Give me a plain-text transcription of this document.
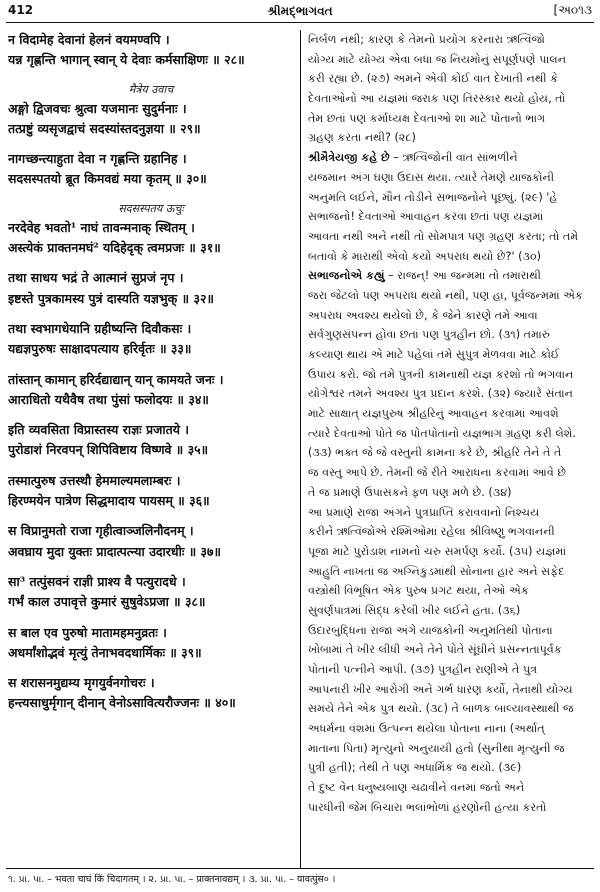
412	શ્રીમદ્ભાગવત	[અ૦૧૩
न विदामेह देवानां हेलनं वयमण्वपि ।
यन्न गृह्णन्ति भागान् स्वान् ये देवाः कर्मसाक्षिणः ॥ २८॥
मैत्रेय उवाच
अङ्गो द्विजवचः श्रुत्वा यजमानः सुदुर्मनाः ।
तत्प्रष्टुं व्यसृजद्वाचं सदस्यांस्तदनुज्ञया ॥ २९॥
नागच्छन्त्याहुता देवा न गृह्णन्ति ग्रहानिह ।
सदसस्पतयो ब्रूत किमवद्यं मया कृतम् ॥ ३०॥
सदसस्पतय ऊचुः
नरदेवेह भवतो¹ नाघं तावन्मनाक् स्थितम् ।
अस्त्येकं प्राक्तनमघं² यदिहेदृक् त्वमप्रजः ॥ ३१॥
तथा साधय भद्रं ते आत्मानं सुप्रजं नृप ।
इष्टस्ते पुत्रकामस्य पुत्रं दास्यति यज्ञभुक् ॥ ३२॥
तथा स्वभागधेयानि ग्रहीष्यन्ति दिवौकसः ।
यद्यज्ञपुरुषः साक्षादपत्याय हरिर्वृतः ॥ ३३॥
तांस्तान् कामान् हरिर्दद्याद्यान् यान् कामयते जनः ।
आराधितो यथैवैष तथा पुंसां फलोदयः ॥ ३४॥
इति व्यवसिता विप्रास्तस्य राज्ञः प्रजातये ।
पुरोडाशं निरवपन् शिपिविष्टाय विष्णवे ॥ ३५॥
तस्मात्पुरुष उत्तस्थौ हेममाल्यमलाम्बरः ।
हिरण्मयेन पात्रेण सिद्धमादाय पायसम् ॥ ३६॥
स विप्रानुमतो राजा गृहीत्वाञ्जलिनौदनम् ।
अवघ्राय मुदा युक्तः प्रादात्पत्न्या उदारधीः ॥ ३७॥
सा³ तत्पुंसवनं राज्ञी प्राश्य वै पत्युरादधे ।
गर्भं काल उपावृत्ते कुमारं सुषुवेऽप्रजा ॥ ३८॥
स बाल एव पुरुषो मातामहमनुव्रतः ।
अधर्मांशोद्भवं मृत्युं तेनाभवदधार्मिकः ॥ ३९॥
स शरासनमुद्यम्य मृगयुर्वनगोचरः ।
हन्त्यसाधुर्मृगान् दीनान् वेनोऽसावित्यरौज्जनः ॥ ४०॥
નિર્બળ નથી; કારણ કે તેમનો પ્રયોગ કરનારા ઋત્વિજો
યોગ્ય માટે યોગ્ય એવા બધા જ નિયમોનું સંપૂર્ણપણે પાલન
કરી રહ્યા છે. (૨૭) અમને એવી કોઈ વાત દેખાતી નથી કે
દેવતાઓનો આ યજ્ઞમાં જરાક પણ તિરસ્કાર થયો હોય, તો
તેમ છતાં પણ કર્માધ્યક્ષ દેવતાઓ શા માટે પોતાનો ભાગ
ગ્રહણ કરતા નથી? (૨૮)
શ્રીમૈત્રેયજી કહે છે – ઋત્વિજોની વાત સાંભળીને
યજમાન અંગ ઘણા ઉદાસ થયા. ત્યારે તેમણે યાજકોની
અનુમતિ લઈને, મૌન તોડીને સભાજનોને પૂછ્યું. (૨૯) 'હે
સભાજનો! દેવતાઓ આવાહન કરવા છતાં પણ યજ્ઞમાં
આવતા નથી અને નથી તો સોમપાત્ર પણ ગ્રહણ કરતા; તો તમે
બતાવો કે મારાથી એવો કયો અપરાધ થયો છે?' (૩૦)
સભાજનોએ કહ્યું – રાજન્! આ જન્મમાં તો તમારાથી
જરા જેટલો પણ અપરાધ થયો નથી, પણ હા, પૂર્વજન્મમાં એક
અપરાધ અવશ્ય થયેલો છે, કે જેને કારણે તમે આવા
સર્વગુણસંપન્ન હોવા છતાં પણ પુત્રહીન છો. (૩૧) તમારું
કલ્યાણ થાય એ માટે પહેલાં તમે સુપુત્ર મેળવવા માટે કોઈ
ઉપાય કરો. જો તમે પુત્રની કામનાથી યજ્ઞ કરશો તો ભગવાન
યોગેશ્વર તમને અવશ્ય પુત્ર પ્રદાન કરશે. (૩૨) જ્યારે સંતાન
માટે સાક્ષાત્ યજ્ઞપુરુષ શ્રીહરિનું આવાહન કરવામાં આવશે
ત્યારે દેવતાઓ પોતે જ પોતપોતાનો યજ્ઞભાગ ગ્રહણ કરી લેશે.
(૩૩) ભક્ત જે જે વસ્તુની કામના કરે છે, શ્રીહરિ તેને તે તે
જ વસ્તુ આપે છે. તેમની જે રીતે આરાધના કરવામાં આવે છે
તે જ પ્રમાણે ઉપાસકને ફળ પણ મળે છે. (૩૪)
આ પ્રમાણે રાજા અંગને પુત્રપ્રાપ્તિ કરાવવાનો નિશ્ચય
કરીને ઋત્વિજોએ રશ્મિઓમાં રહેલા શ્રીવિષ્ણુ ભગવાનની
પૂજા માટે પુરોડાશ નામનો ચરુ સમર્પણ કર્યો. (૩૫) યજ્ઞમાં
આહુતિ નાખતાં જ અગ્નિકુંડમાંથી સોનાના હાર અને સફેદ
વસ્ત્રોથી વિભૂષિત એક પુરુષ પ્રગટ થયા, તેઓ એક
સુવર્ણપાત્રમાં સિદ્ધ કરેલી ખીર લઈને હતા. (૩૬)
ઉદારબુદ્ધિના રાજા અંગે યાજકોની અનુમતિથી પોતાના
ખોબામાં તે ખીર લીધી અને તેને પોતે સૂંઘીને પ્રસન્નતાપૂર્વક
પોતાની પત્નીને આપી. (૩૭) પુત્રહીન રાણીએ તે પુત્ર
આપનારી ખીર આરોગી અને ગર્ભ ધારણ કર્યો, તેનાથી યોગ્ય
સમયે તેને એક પુત્ર થયો. (૩૮) તે બાળક બાલ્યાવસ્થાથી જ
અધર્મના વંશમાં ઉત્પન્ન થયેલા પોતાના નાના (અર્થાત્
માતાના પિતા) મૃત્યુનો અનુયાયી હતો (સુનીથા મૃત્યુની જ
પુત્રી હતી); તેથી તે પણ અધાર્મિક જ થયો. (૩૯)
તે દુષ્ટ વેન ધનુષ્યબાણ ચઢાવીને વનમાં જતો અને
પારધીની જેમ બિચારા ભલાંભોળાં હરણોની હત્યા કરતો
૧. પ્રા. પા. – भवता चाघं किं चिदागतम् । ૨. પ્રા. પા. – प्राक्तनावद्यम् । ૩. પ્રા. પા. – यावत्पुंस० ।
